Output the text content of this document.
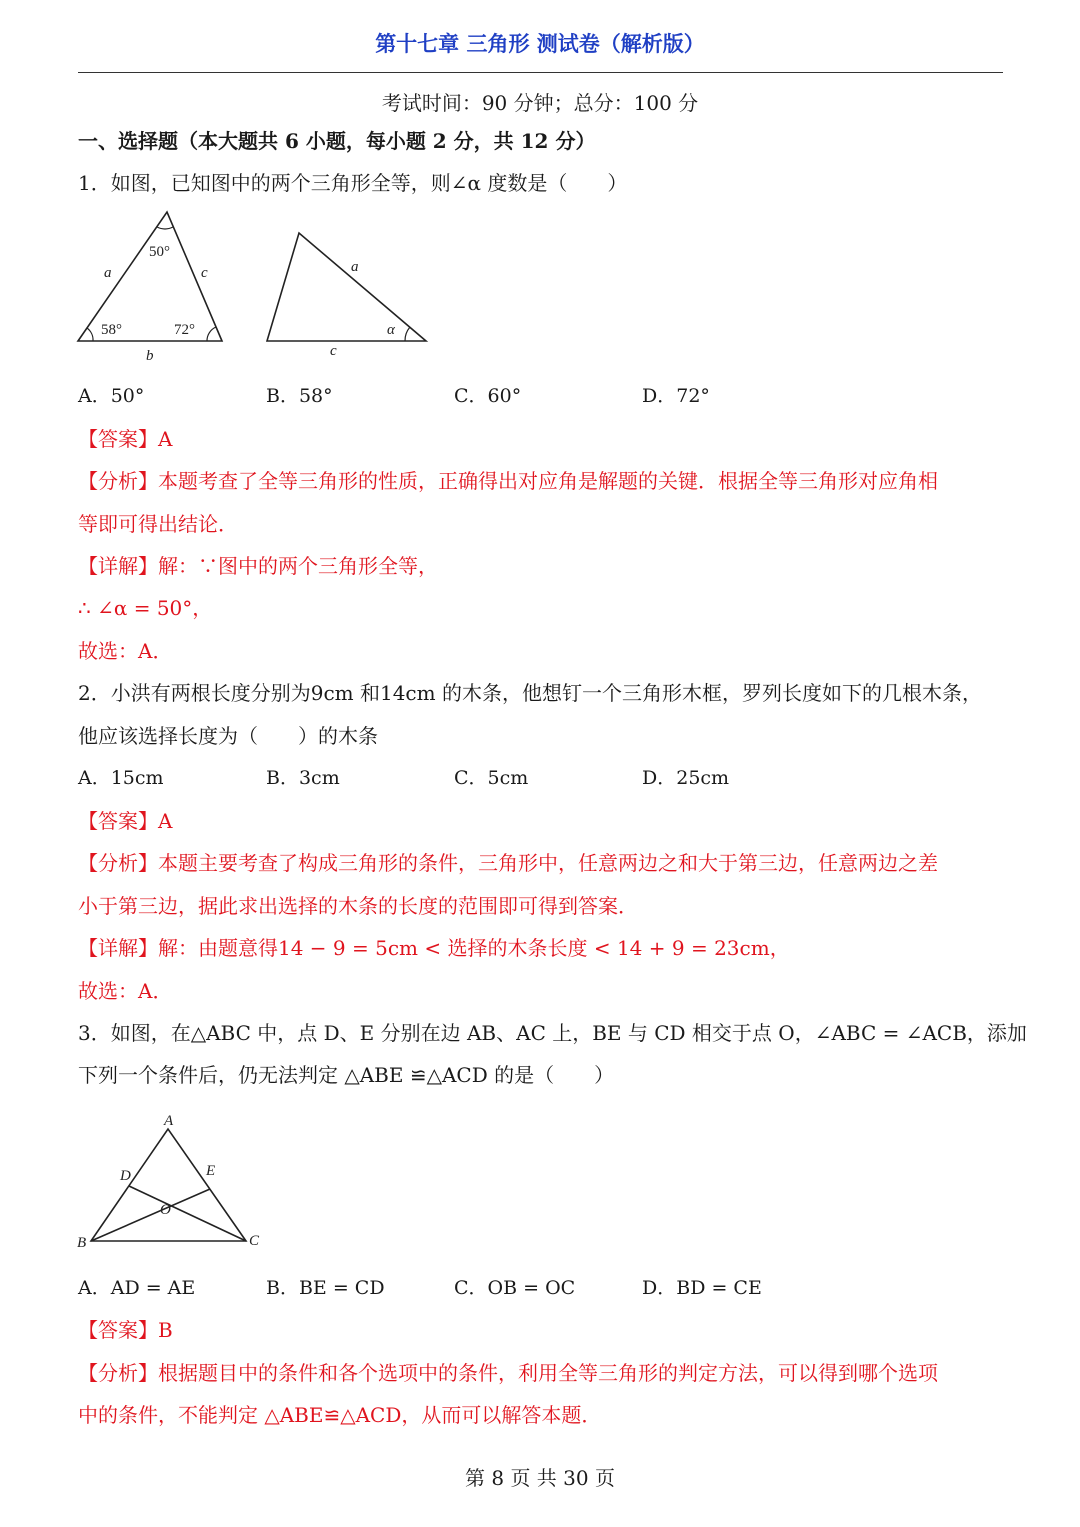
第十七章 三角形 测试卷（解析版）
考试时间：90 分钟；总分：100 分
一、选择题（本大题共 6 小题，每小题 2 分，共 12 分）
1．如图，已知图中的两个三角形全等，则∠α 度数是（　　）
50°
58°	72°
a	c
b
a
c
α
A．50°	B．58°	C．60°	D．72°
【答案】A
【分析】本题考查了全等三角形的性质，正确得出对应角是解题的关键．根据全等三角形对应角相
等即可得出结论．
【详解】解：∵图中的两个三角形全等，
∴ ∠α = 50°，
故选：A．
2．小洪有两根长度分别为9cm 和14cm 的木条，他想钉一个三角形木框，罗列长度如下的几根木条，
他应该选择长度为（　　）的木条
A．15cm	B．3cm	C．5cm	D．25cm
【答案】A
【分析】本题主要考查了构成三角形的条件，三角形中，任意两边之和大于第三边，任意两边之差
小于第三边，据此求出选择的木条的长度的范围即可得到答案．
【详解】解：由题意得14 − 9 = 5cm < 选择的木条长度 < 14 + 9 = 23cm，
故选：A．
3．如图，在△ABC 中，点 D、E 分别在边 AB、AC 上，BE 与 CD 相交于点 O，∠ABC = ∠ACB，添加
下列一个条件后，仍无法判定 △ABE ≌△ACD 的是（　　）
A
B	C
D	E
O
A．AD = AE	B．BE = CD	C．OB = OC	D．BD = CE
【答案】B
【分析】根据题目中的条件和各个选项中的条件，利用全等三角形的判定方法，可以得到哪个选项
中的条件，不能判定 △ABE≌△ACD，从而可以解答本题．
第 8 页 共 30 页
